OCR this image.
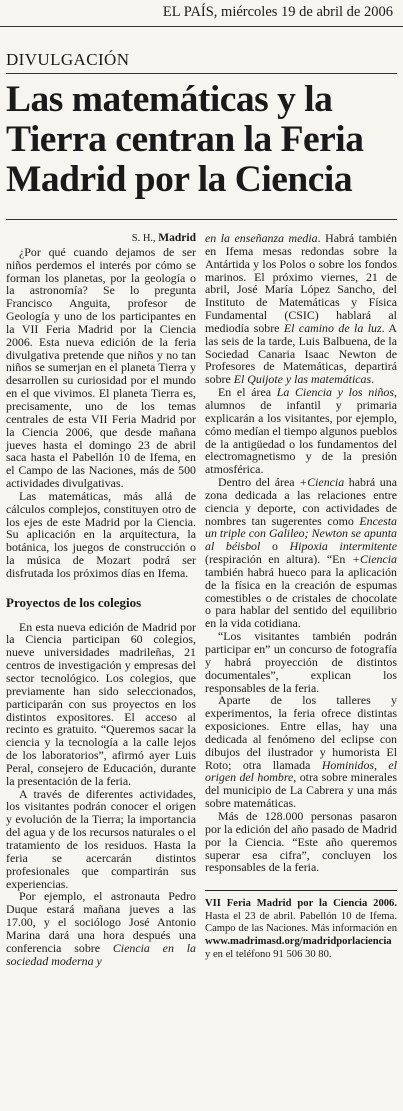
EL PAÍS, miércoles 19 de abril de 2006
DIVULGACIÓN
Las matemáticas y la Tierra centran la Feria Madrid por la Ciencia

S. H., Madrid

¿Por qué cuando dejamos de ser niños perdemos el interés por cómo se forman los planetas, por la geología o la astronomía? Se lo pregunta Francisco Anguita, profesor de Geología y uno de los participantes en la VII Feria Madrid por la Ciencia 2006. Esta nueva edición de la feria divulgativa pretende que niños y no tan niños se sumerjan en el planeta Tierra y desarrollen su curiosidad por el mundo en el que vivimos. El planeta Tierra es, precisamente, uno de los temas centrales de esta VII Feria Madrid por la Ciencia 2006, que desde mañana jueves hasta el domingo 23 de abril saca hasta el Pabellón 10 de Ifema, en el Campo de las Naciones, más de 500 actividades divulgativas.

Las matemáticas, más allá de cálculos complejos, constituyen otro de los ejes de este Madrid por la Ciencia. Su aplicación en la arquitectura, la botánica, los juegos de construcción o la música de Mozart podrá ser disfrutada los próximos días en Ifema.

Proyectos de los colegios

En esta nueva edición de Madrid por la Ciencia participan 60 colegios, nueve universidades madrileñas, 21 centros de investigación y empresas del sector tecnológico. Los colegios, que previamente han sido seleccionados, participarán con sus proyectos en los distintos expositores. El acceso al recinto es gratuito. “Queremos sacar la ciencia y la tecnología a la calle lejos de los laboratorios”, afirmó ayer Luis Peral, consejero de Educación, durante la presentación de la feria.

A través de diferentes actividades, los visitantes podrán conocer el origen y evolución de la Tierra; la importancia del agua y de los recursos naturales o el tratamiento de los residuos. Hasta la feria se acercarán distintos profesionales que compartirán sus experiencias.

Por ejemplo, el astronauta Pedro Duque estará mañana jueves a las 17.00, y el sociólogo José Antonio Marina dará una hora después una conferencia sobre Ciencia en la sociedad moderna y

en la enseñanza media. Habrá también en Ifema mesas redondas sobre la Antártida y los Polos o sobre los fondos marinos. El próximo viernes, 21 de abril, José María López Sancho, del Instituto de Matemáticas y Física Fundamental (CSIC) hablará al mediodía sobre El camino de la luz. A las seis de la tarde, Luis Balbuena, de la Sociedad Canaria Isaac Newton de Profesores de Matemáticas, departirá sobre El Quijote y las matemáticas.

En el área La Ciencia y los niños, alumnos de infantil y primaria explicarán a los visitantes, por ejemplo, cómo medían el tiempo algunos pueblos de la antigüedad o los fundamentos del electromagnetismo y de la presión atmosférica.

Dentro del área +Ciencia habrá una zona dedicada a las relaciones entre ciencia y deporte, con actividades de nombres tan sugerentes como Encesta un triple con Galileo; Newton se apunta al béisbol o Hipoxia intermitente (respiración en altura). “En +Ciencia también habrá hueco para la aplicación de la física en la creación de espumas comestibles o de cristales de chocolate o para hablar del sentido del equilibrio en la vida cotidiana.

“Los visitantes también podrán participar en” un concurso de fotografía y habrá proyección de distintos documentales”, explican los responsables de la feria.

Aparte de los talleres y experimentos, la feria ofrece distintas exposiciones. Entre ellas, hay una dedicada al fenómeno del eclipse con dibujos del ilustrador y humorista El Roto; otra llamada Hominidos, el origen del hombre, otra sobre minerales del municipio de La Cabrera y una más sobre matemáticas.

Más de 128.000 personas pasaron por la edición del año pasado de Madrid por la Ciencia. “Este año queremos superar esa cifra”, concluyen los responsables de la feria.

VII Feria Madrid por la Ciencia 2006. Hasta el 23 de abril. Pabellón 10 de Ifema. Campo de las Naciones. Más información en www.madrimasd.org/madridporlaciencia y en el teléfono 91 506 30 80.
